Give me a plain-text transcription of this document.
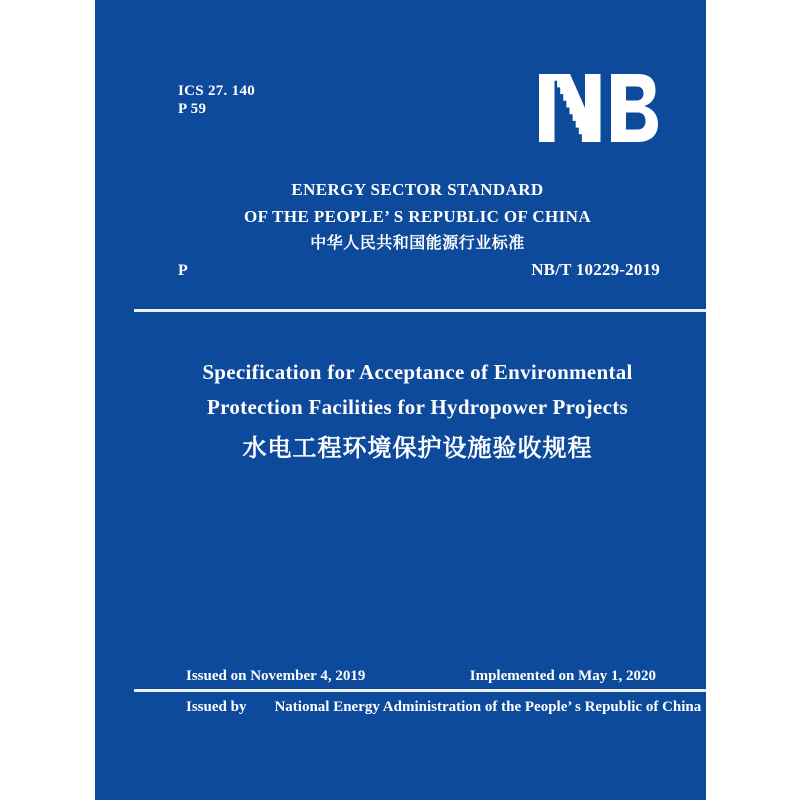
ICS 27. 140
P 59
ENERGY SECTOR STANDARD
OF THE PEOPLE’ S REPUBLIC OF CHINA
中华人民共和国能源行业标准
P	NB/T 10229-2019
Specification for Acceptance of Environmental
Protection Facilities for Hydropower Projects
水电工程环境保护设施验收规程
Issued on November 4, 2019	Implemented on May 1, 2020
Issued by National Energy Administration of the People’ s Republic of China
